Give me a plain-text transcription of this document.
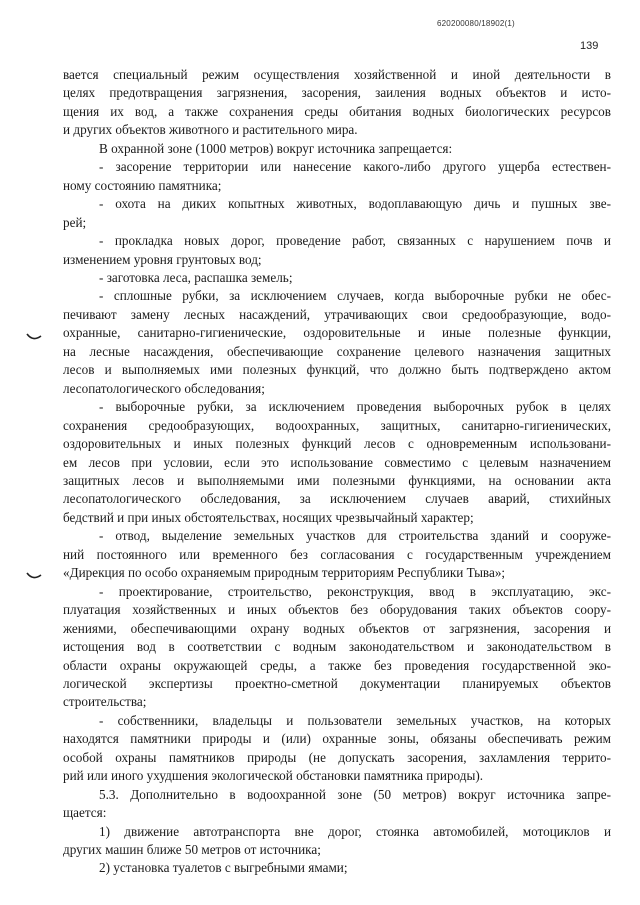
620200080/18902(1)
139

вается специальный режим осуществления хозяйственной и иной деятельности в

целях предотвращения загрязнения, засорения, заиления водных объектов и исто-

щения их вод, а также сохранения среды обитания водных биологических ресурсов

и других объектов животного и растительного мира.

В охранной зоне (1000 метров) вокруг источника запрещается:

- засорение территории или нанесение какого-либо другого ущерба естествен-

ному состоянию памятника;

- охота на диких копытных животных, водоплавающую дичь и пушных зве-

рей;

- прокладка новых дорог, проведение работ, связанных с нарушением почв и

изменением уровня грунтовых вод;

- заготовка леса, распашка земель;

- сплошные рубки, за исключением случаев, когда выборочные рубки не обес-

печивают замену лесных насаждений, утрачивающих свои средообразующие, водо-

охранные, санитарно-гигиенические, оздоровительные и иные полезные функции,

на лесные насаждения, обеспечивающие сохранение целевого назначения защитных

лесов и выполняемых ими полезных функций, что должно быть подтверждено актом

лесопатологического обследования;

- выборочные рубки, за исключением проведения выборочных рубок в целях

сохранения средообразующих, водоохранных, защитных, санитарно-гигиенических,

оздоровительных и иных полезных функций лесов с одновременным использовани-

ем лесов при условии, если это использование совместимо с целевым назначением

защитных лесов и выполняемыми ими полезными функциями, на основании акта

лесопатологического обследования, за исключением случаев аварий, стихийных

бедствий и при иных обстоятельствах, носящих чрезвычайный характер;

- отвод, выделение земельных участков для строительства зданий и сооруже-

ний постоянного или временного без согласования с государственным учреждением

«Дирекция по особо охраняемым природным территориям Республики Тыва»;

- проектирование, строительство, реконструкция, ввод в эксплуатацию, экс-

плуатация хозяйственных и иных объектов без оборудования таких объектов соору-

жениями, обеспечивающими охрану водных объектов от загрязнения, засорения и

истощения вод в соответствии с водным законодательством и законодательством в

области охраны окружающей среды, а также без проведения государственной эко-

логической экспертизы проектно-сметной документации планируемых объектов

строительства;

- собственники, владельцы и пользователи земельных участков, на которых

находятся памятники природы и (или) охранные зоны, обязаны обеспечивать режим

особой охраны памятников природы (не допускать засорения, захламления террито-

рий или иного ухудшения экологической обстановки памятника природы).

5.3. Дополнительно в водоохранной зоне (50 метров) вокруг источника запре-

щается:

1) движение автотранспорта вне дорог, стоянка автомобилей, мотоциклов и

других машин ближе 50 метров от источника;

2) установка туалетов с выгребными ямами;
